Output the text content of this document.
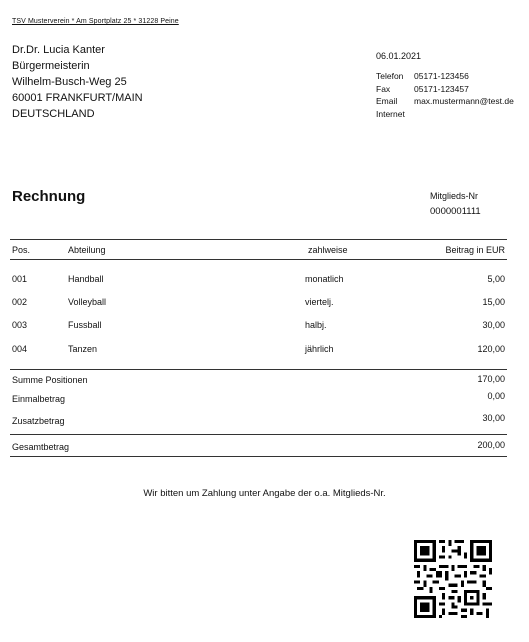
TSV Musterverein * Am Sportplatz 25 * 31228 Peine
Dr.Dr. Lucia Kanter
Bürgermeisterin
Wilhelm-Busch-Weg 25
60001 FRANKFURT/MAIN
DEUTSCHLAND
06.01.2021
Telefon	05171-123456
Fax	05171-123457
Email	max.mustermann@test.de
Internet
Rechnung	Mitglieds-Nr
0000001111
Pos.	Abteilung	zahlweise	Beitrag in EUR
001	Handball	monatlich	5,00
002	Volleyball	viertelj.	15,00
003	Fussball	halbj.	30,00
004	Tanzen	jährlich	120,00
Summe Positionen	170,00
Einmalbetrag	0,00
Zusatzbetrag	30,00
Gesamtbetrag	200,00
Wir bitten um Zahlung unter Angabe der o.a. Mitglieds-Nr.
